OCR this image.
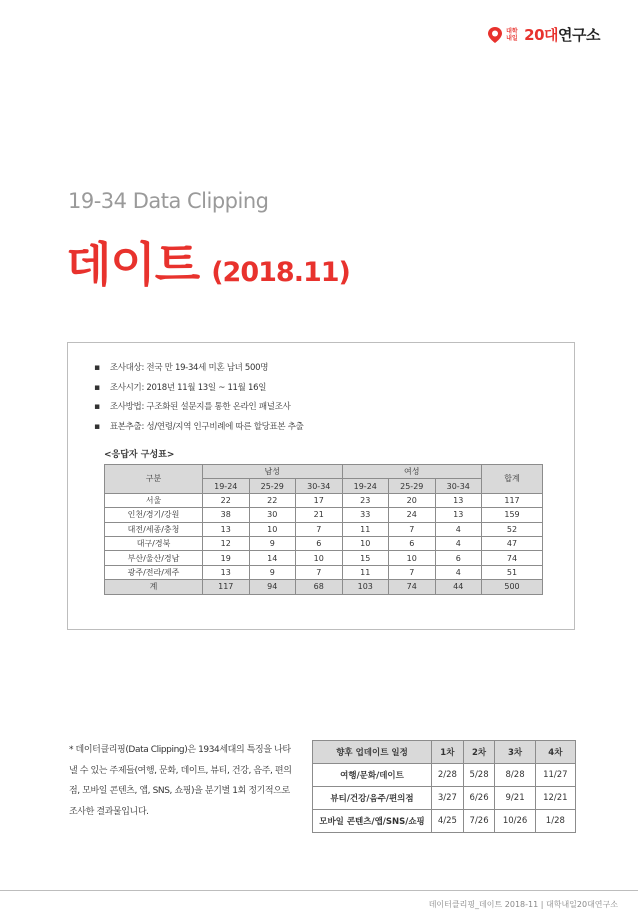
대학내일 20대연구소
19-34 Data Clipping
데이트 (2018.11)
▪ 조사대상: 전국 만 19-34세 미혼 남녀 500명
▪ 조사시기: 2018년 11월 13일 ~ 11월 16일
▪ 조사방법: 구조화된 설문지를 통한 온라인 패널조사
▪ 표본추출: 성/연령/지역 인구비례에 따른 할당표본 추출
<응답자 구성표>
구분	남성			여성			합계
	19-24	25-29	30-34	19-24	25-29	30-34	
서울	22	22	17	23	20	13	117
인천/경기/강원	38	30	21	33	24	13	159
대전/세종/충청	13	10	7	11	7	4	52
대구/경북	12	9	6	10	6	4	47
부산/울산/경남	19	14	10	15	10	6	74
광주/전라/제주	13	9	7	11	7	4	51
계	117	94	68	103	74	44	500
* 데이터클리핑(Data Clipping)은 1934세대의 특징을 나타낼 수 있는 주제들(여행, 문화, 데이트, 뷰티, 건강, 음주, 편의점, 모바일 콘텐츠, 앱, SNS, 쇼핑)을 분기별 1회 정기적으로 조사한 결과물입니다.
향후 업데이트 일정	1차	2차	3차	4차
여행/문화/데이트	2/28	5/28	8/28	11/27
뷰티/건강/음주/편의점	3/27	6/26	9/21	12/21
모바일 콘텐츠/앱/SNS/쇼핑	4/25	7/26	10/26	1/28
데이터클리핑_데이트 2018-11 | 대학내일20대연구소
